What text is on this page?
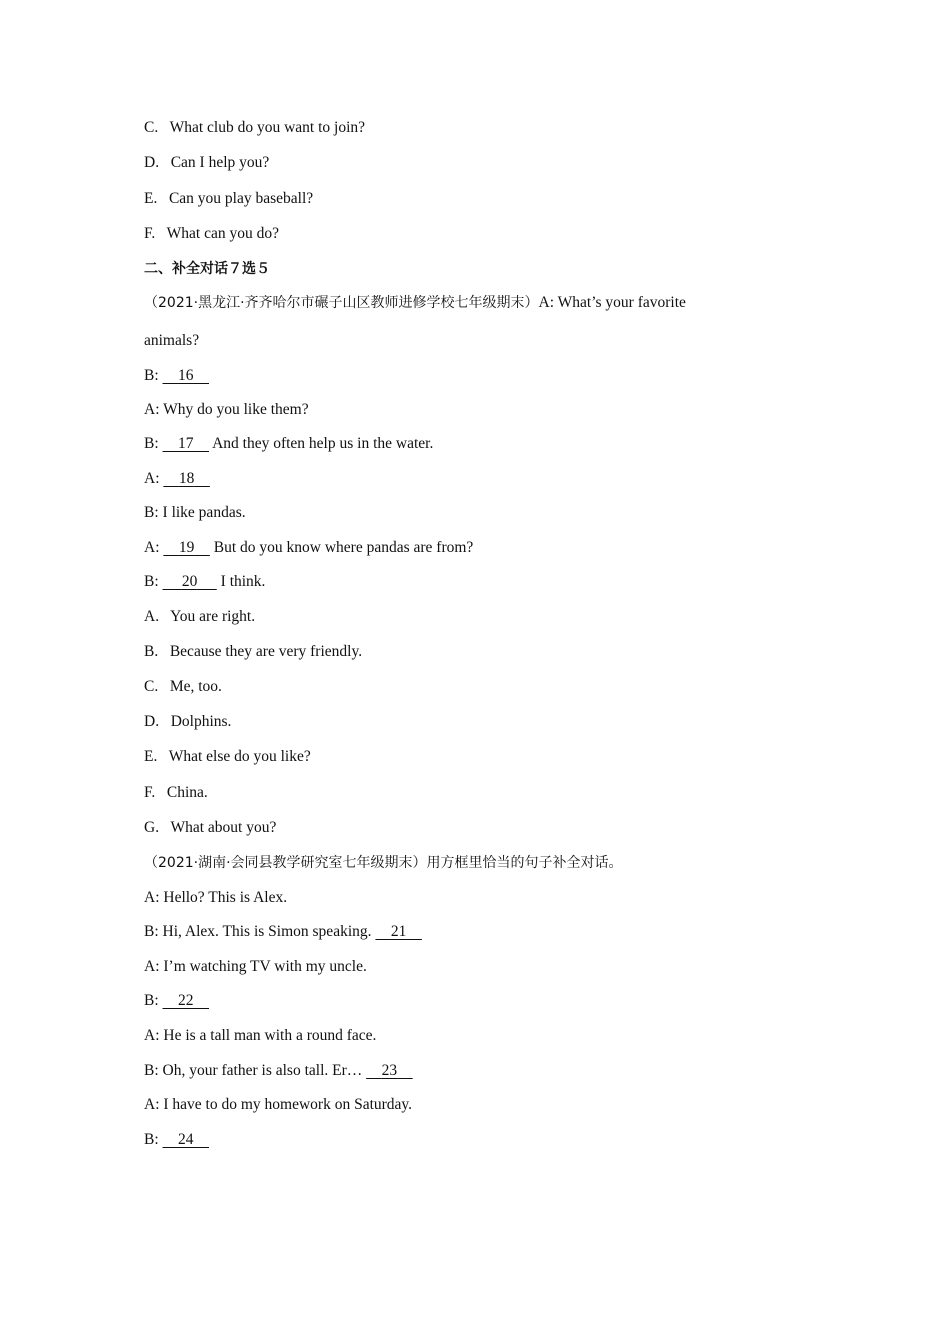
C. What club do you want to join?
D. Can I help you?
E. Can you play baseball?
F. What can you do?
二、补全对话７选５
（2021·黑龙江·齐齐哈尔市碾子山区教师进修学校七年级期末）A: What’s your favorite
animals?
B: 16
A: Why do you like them?
B: 17 And they often help us in the water.
A: 18
B: I like pandas.
A: 19 But do you know where pandas are from?
B: 20 I think.
A. You are right.
B. Because they are very friendly.
C. Me, too.
D. Dolphins.
E. What else do you like?
F. China.
G. What about you?
（2021·湖南·会同县教学研究室七年级期末）用方框里恰当的句子补全对话。
A: Hello? This is Alex.
B: Hi, Alex. This is Simon speaking. 21
A: I’m watching TV with my uncle.
B: 22
A: He is a tall man with a round face.
B: Oh, your father is also tall. Er… 23
A: I have to do my homework on Saturday.
B: 24
